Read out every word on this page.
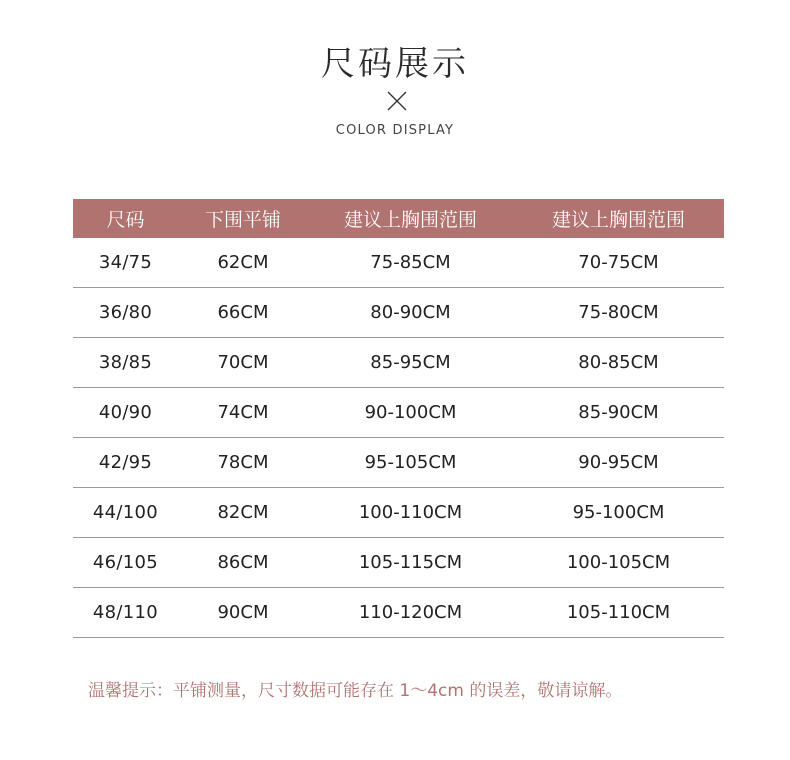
尺码展示
COLOR DISPLAY
尺码	下围平铺	建议上胸围范围	建议上胸围范围
34/75	62CM	75-85CM	70-75CM
36/80	66CM	80-90CM	75-80CM
38/85	70CM	85-95CM	80-85CM
40/90	74CM	90-100CM	85-90CM
42/95	78CM	95-105CM	90-95CM
44/100	82CM	100-110CM	95-100CM
46/105	86CM	105-115CM	100-105CM
48/110	90CM	110-120CM	105-110CM
温馨提示：平铺测量，尺寸数据可能存在 1～4cm 的误差，敬请谅解。
